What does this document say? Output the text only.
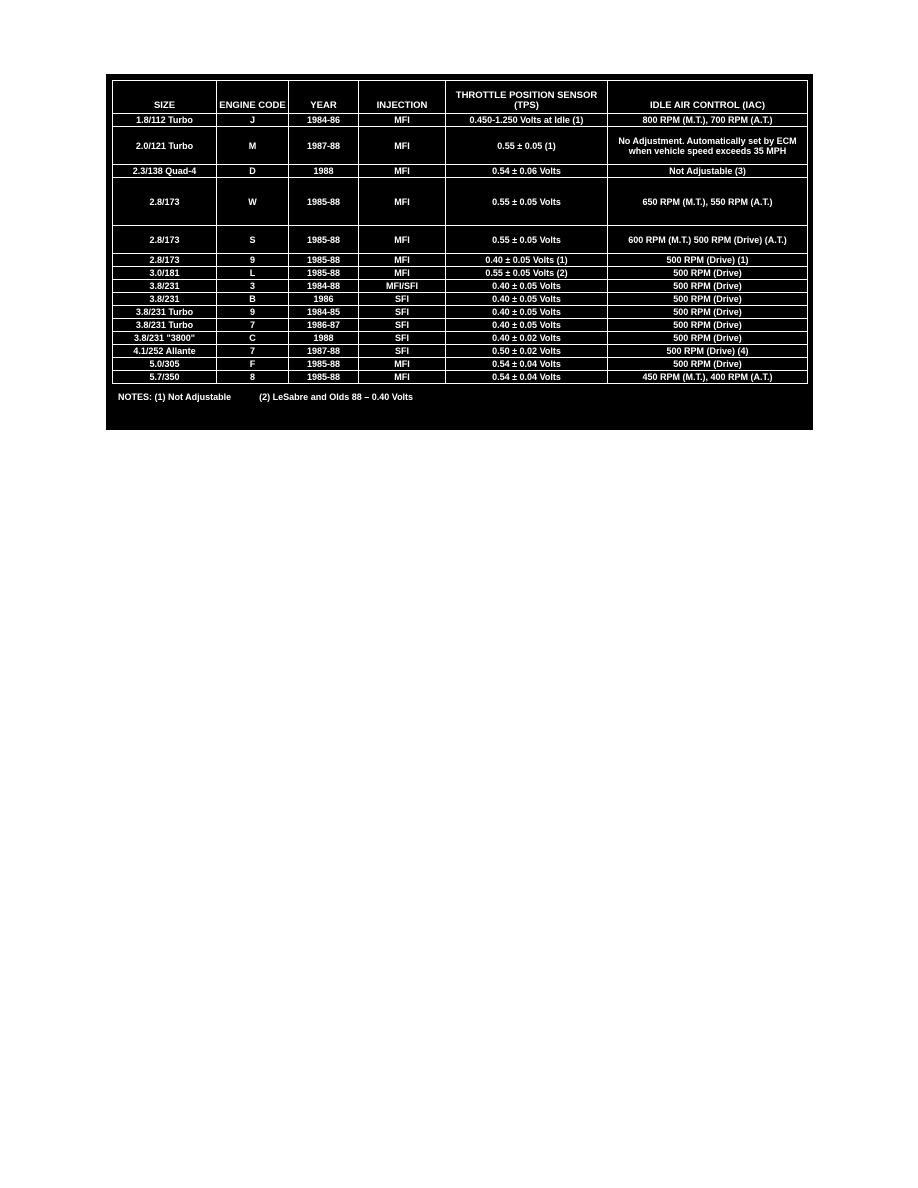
SIZE	ENGINE CODE	YEAR	INJECTION	THROTTLE POSITION SENSOR (TPS)	IDLE AIR CONTROL (IAC)
1.8/112 Turbo	J	1984-86	MFI	0.450-1.250 Volts at Idle (1)	800 RPM (M.T.), 700 RPM (A.T.)
2.0/121 Turbo	M	1987-88	MFI	0.55 ± 0.05 (1)	No Adjustment. Automatically set by ECM when vehicle speed exceeds 35 MPH
2.3/138 Quad-4	D	1988	MFI	0.54 ± 0.06 Volts	Not Adjustable (3)
2.8/173	W	1985-88	MFI	0.55 ± 0.05 Volts	650 RPM (M.T.), 550 RPM (A.T.)
2.8/173	S	1985-88	MFI	0.55 ± 0.05 Volts	600 RPM (M.T.) 500 RPM (Drive) (A.T.)
2.8/173	9	1985-88	MFI	0.40 ± 0.05 Volts (1)	500 RPM (Drive) (1)
3.0/181	L	1985-88	MFI	0.55 ± 0.05 Volts (2)	500 RPM (Drive)
3.8/231	3	1984-88	MFI/SFI	0.40 ± 0.05 Volts	500 RPM (Drive)
3.8/231	B	1986	SFI	0.40 ± 0.05 Volts	500 RPM (Drive)
3.8/231 Turbo	9	1984-85	SFI	0.40 ± 0.05 Volts	500 RPM (Drive)
3.8/231 Turbo	7	1986-87	SFI	0.40 ± 0.05 Volts	500 RPM (Drive)
3.8/231 "3800"	C	1988	SFI	0.40 ± 0.02 Volts	500 RPM (Drive)
4.1/252 Allante	7	1987-88	SFI	0.50 ± 0.02 Volts	500 RPM (Drive) (4)
5.0/305	F	1985-88	MFI	0.54 ± 0.04 Volts	500 RPM (Drive)
5.7/350	8	1985-88	MFI	0.54 ± 0.04 Volts	450 RPM (M.T.), 400 RPM (A.T.)
NOTES: (1) Not Adjustable	(2) LeSabre and Olds 88 – 0.40 Volts
